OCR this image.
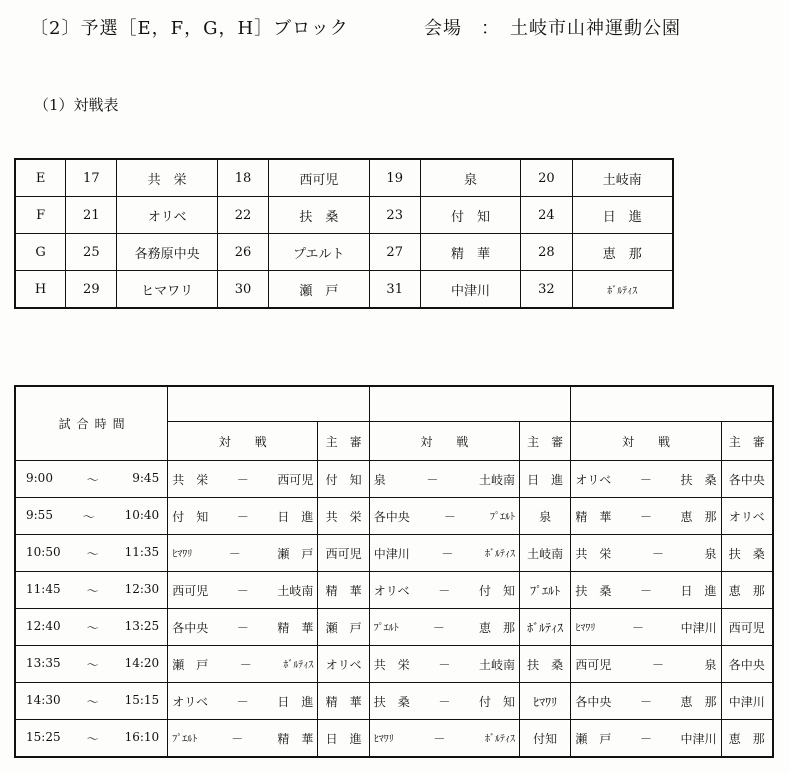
〔2〕予選［E，F，G，H］ブロック	会場　：　土岐市山神運動公園
（1）対戦表
E	17	共　栄	18	西可児	19	泉	20	土岐南
F	21	オリベ	22	扶　桑	23	付　知	24	日　進
G	25	各務原中央	26	プエルト	27	精　華	28	恵　那
H	29	ヒマワリ	30	瀬　戸	31	中津川	32	ﾎﾞﾙﾃｨｽ
試合時間						
	対　　戦	主　審	対　　戦	主　審	対　　戦	主　審

9:00 ～ 9:45	共　栄 － 西可児	付　知	泉 － 土岐南	日　進	オリベ － 扶　桑	各中央

9:55 ～ 10:40	付　知 － 日　進	共　栄	各中央 － ﾌﾟｴﾙﾄ	泉	精　華 － 恵　那	オリベ

10:50 ～ 11:35	ﾋﾏﾜﾘ － 瀬　戸	西可児	中津川 － ﾎﾞﾙﾃｨｽ	土岐南	共　栄 － 泉	扶　桑

11:45 ～ 12:30	西可児 － 土岐南	精　華	オリベ － 付　知	ﾌﾟｴﾙﾄ	扶　桑 － 日　進	恵　那

12:40 ～ 13:25	各中央 － 精　華	瀬　戸	ﾌﾟｴﾙﾄ － 恵　那	ﾎﾞﾙﾃｨｽ	ﾋﾏﾜﾘ － 中津川	西可児

13:35 ～ 14:20	瀬　戸 － ﾎﾞﾙﾃｨｽ	オリベ	共　栄 － 土岐南	扶　桑	西可児 － 泉	各中央

14:30 ～ 15:15	オリベ － 日　進	精　華	扶　桑 － 付　知	ﾋﾏﾜﾘ	各中央 － 恵　那	中津川

15:25 ～ 16:10	ﾌﾟｴﾙﾄ － 精　華	日　進	ﾋﾏﾜﾘ － ﾎﾞﾙﾃｨｽ	付知	瀬　戸 － 中津川	恵　那
